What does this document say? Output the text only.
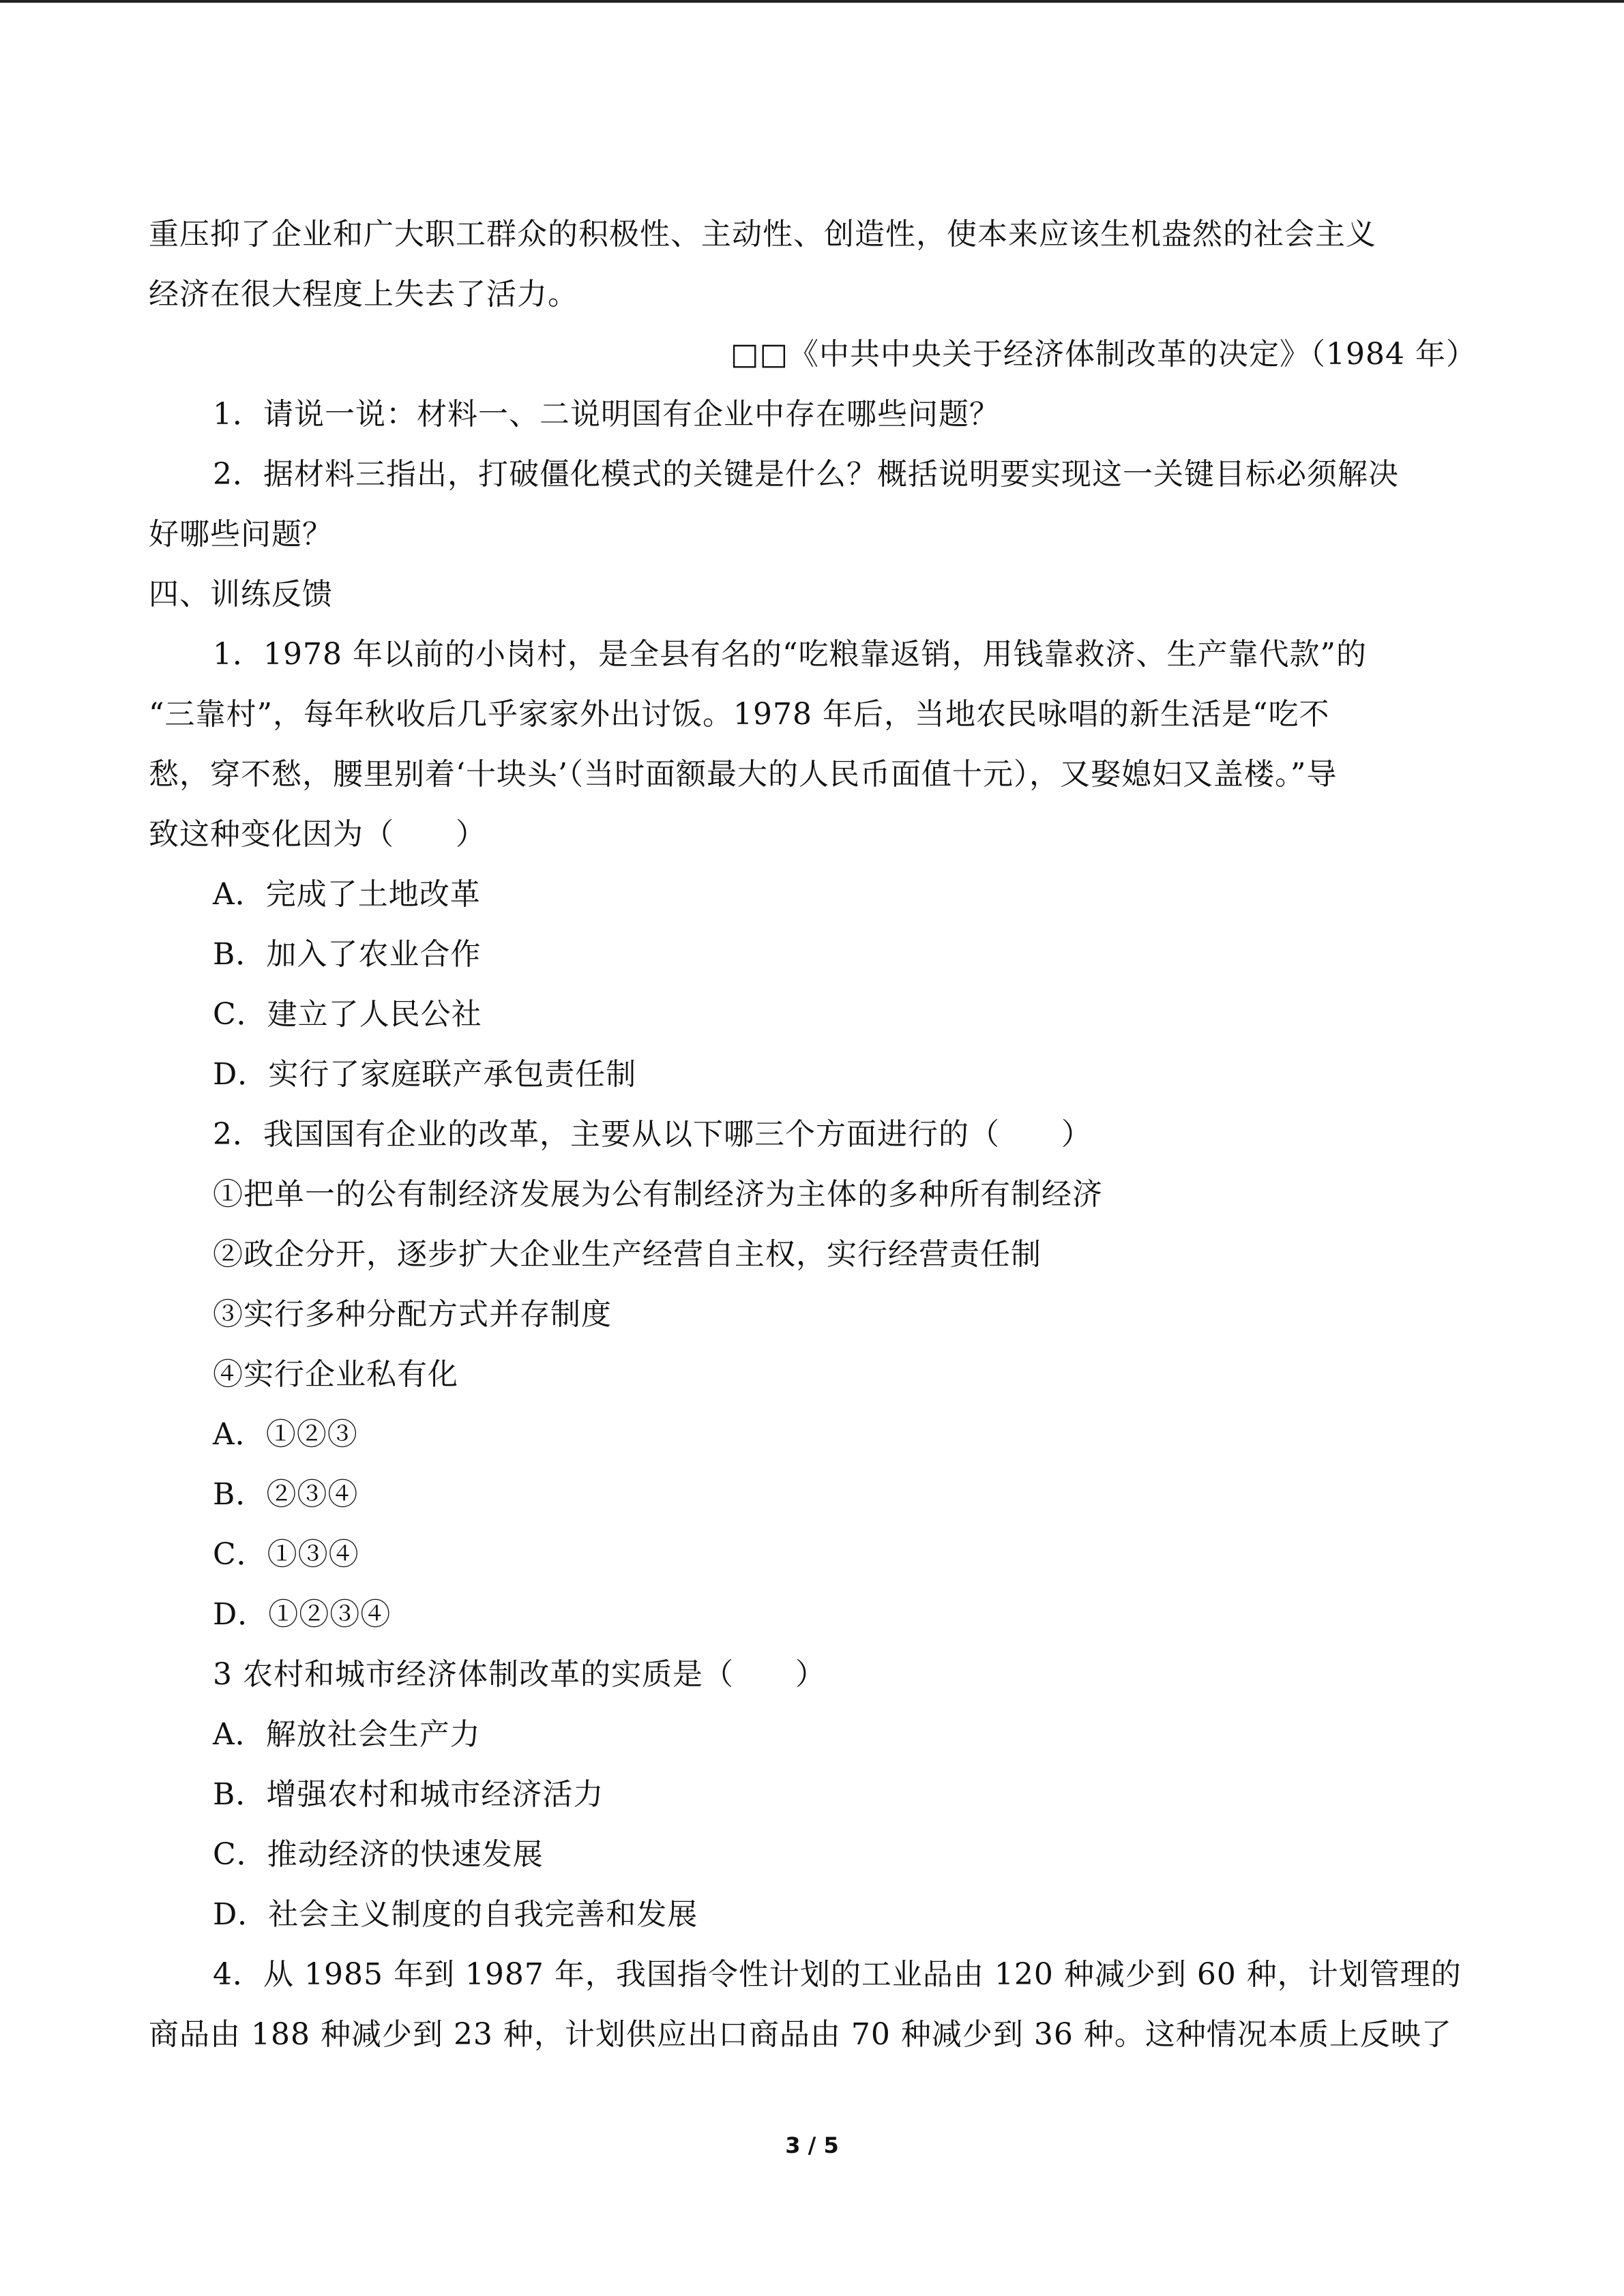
重压抑了企业和广大职工群众的积极性、主动性、创造性，使本来应该生机盎然的社会主义
经济在很大程度上失去了活力。
□□《中共中央关于经济体制改革的决定》（1984 年）
1．请说一说：材料一、二说明国有企业中存在哪些问题？
2．据材料三指出，打破僵化模式的关键是什么？概括说明要实现这一关键目标必须解决
好哪些问题？
四、训练反馈
1．1978 年以前的小岗村，是全县有名的“吃粮靠返销，用钱靠救济、生产靠代款”的
“三靠村”，每年秋收后几乎家家外出讨饭。1978 年后，当地农民咏唱的新生活是“吃不
愁，穿不愁，腰里别着‘十块头’（当时面额最大的人民币面值十元），又娶媳妇又盖楼。”导
致这种变化因为（　　）
A．完成了土地改革
B．加入了农业合作
C．建立了人民公社
D．实行了家庭联产承包责任制
2．我国国有企业的改革，主要从以下哪三个方面进行的（　　）
①把单一的公有制经济发展为公有制经济为主体的多种所有制经济
②政企分开，逐步扩大企业生产经营自主权，实行经营责任制
③实行多种分配方式并存制度
④实行企业私有化
A．①②③
B．②③④
C．①③④
D．①②③④
3 农村和城市经济体制改革的实质是（　　）
A．解放社会生产力
B．增强农村和城市经济活力
C．推动经济的快速发展
D．社会主义制度的自我完善和发展
4．从 1985 年到 1987 年，我国指令性计划的工业品由 120 种减少到 60 种，计划管理的
商品由 188 种减少到 23 种，计划供应出口商品由 70 种减少到 36 种。这种情况本质上反映了
3 / 5
